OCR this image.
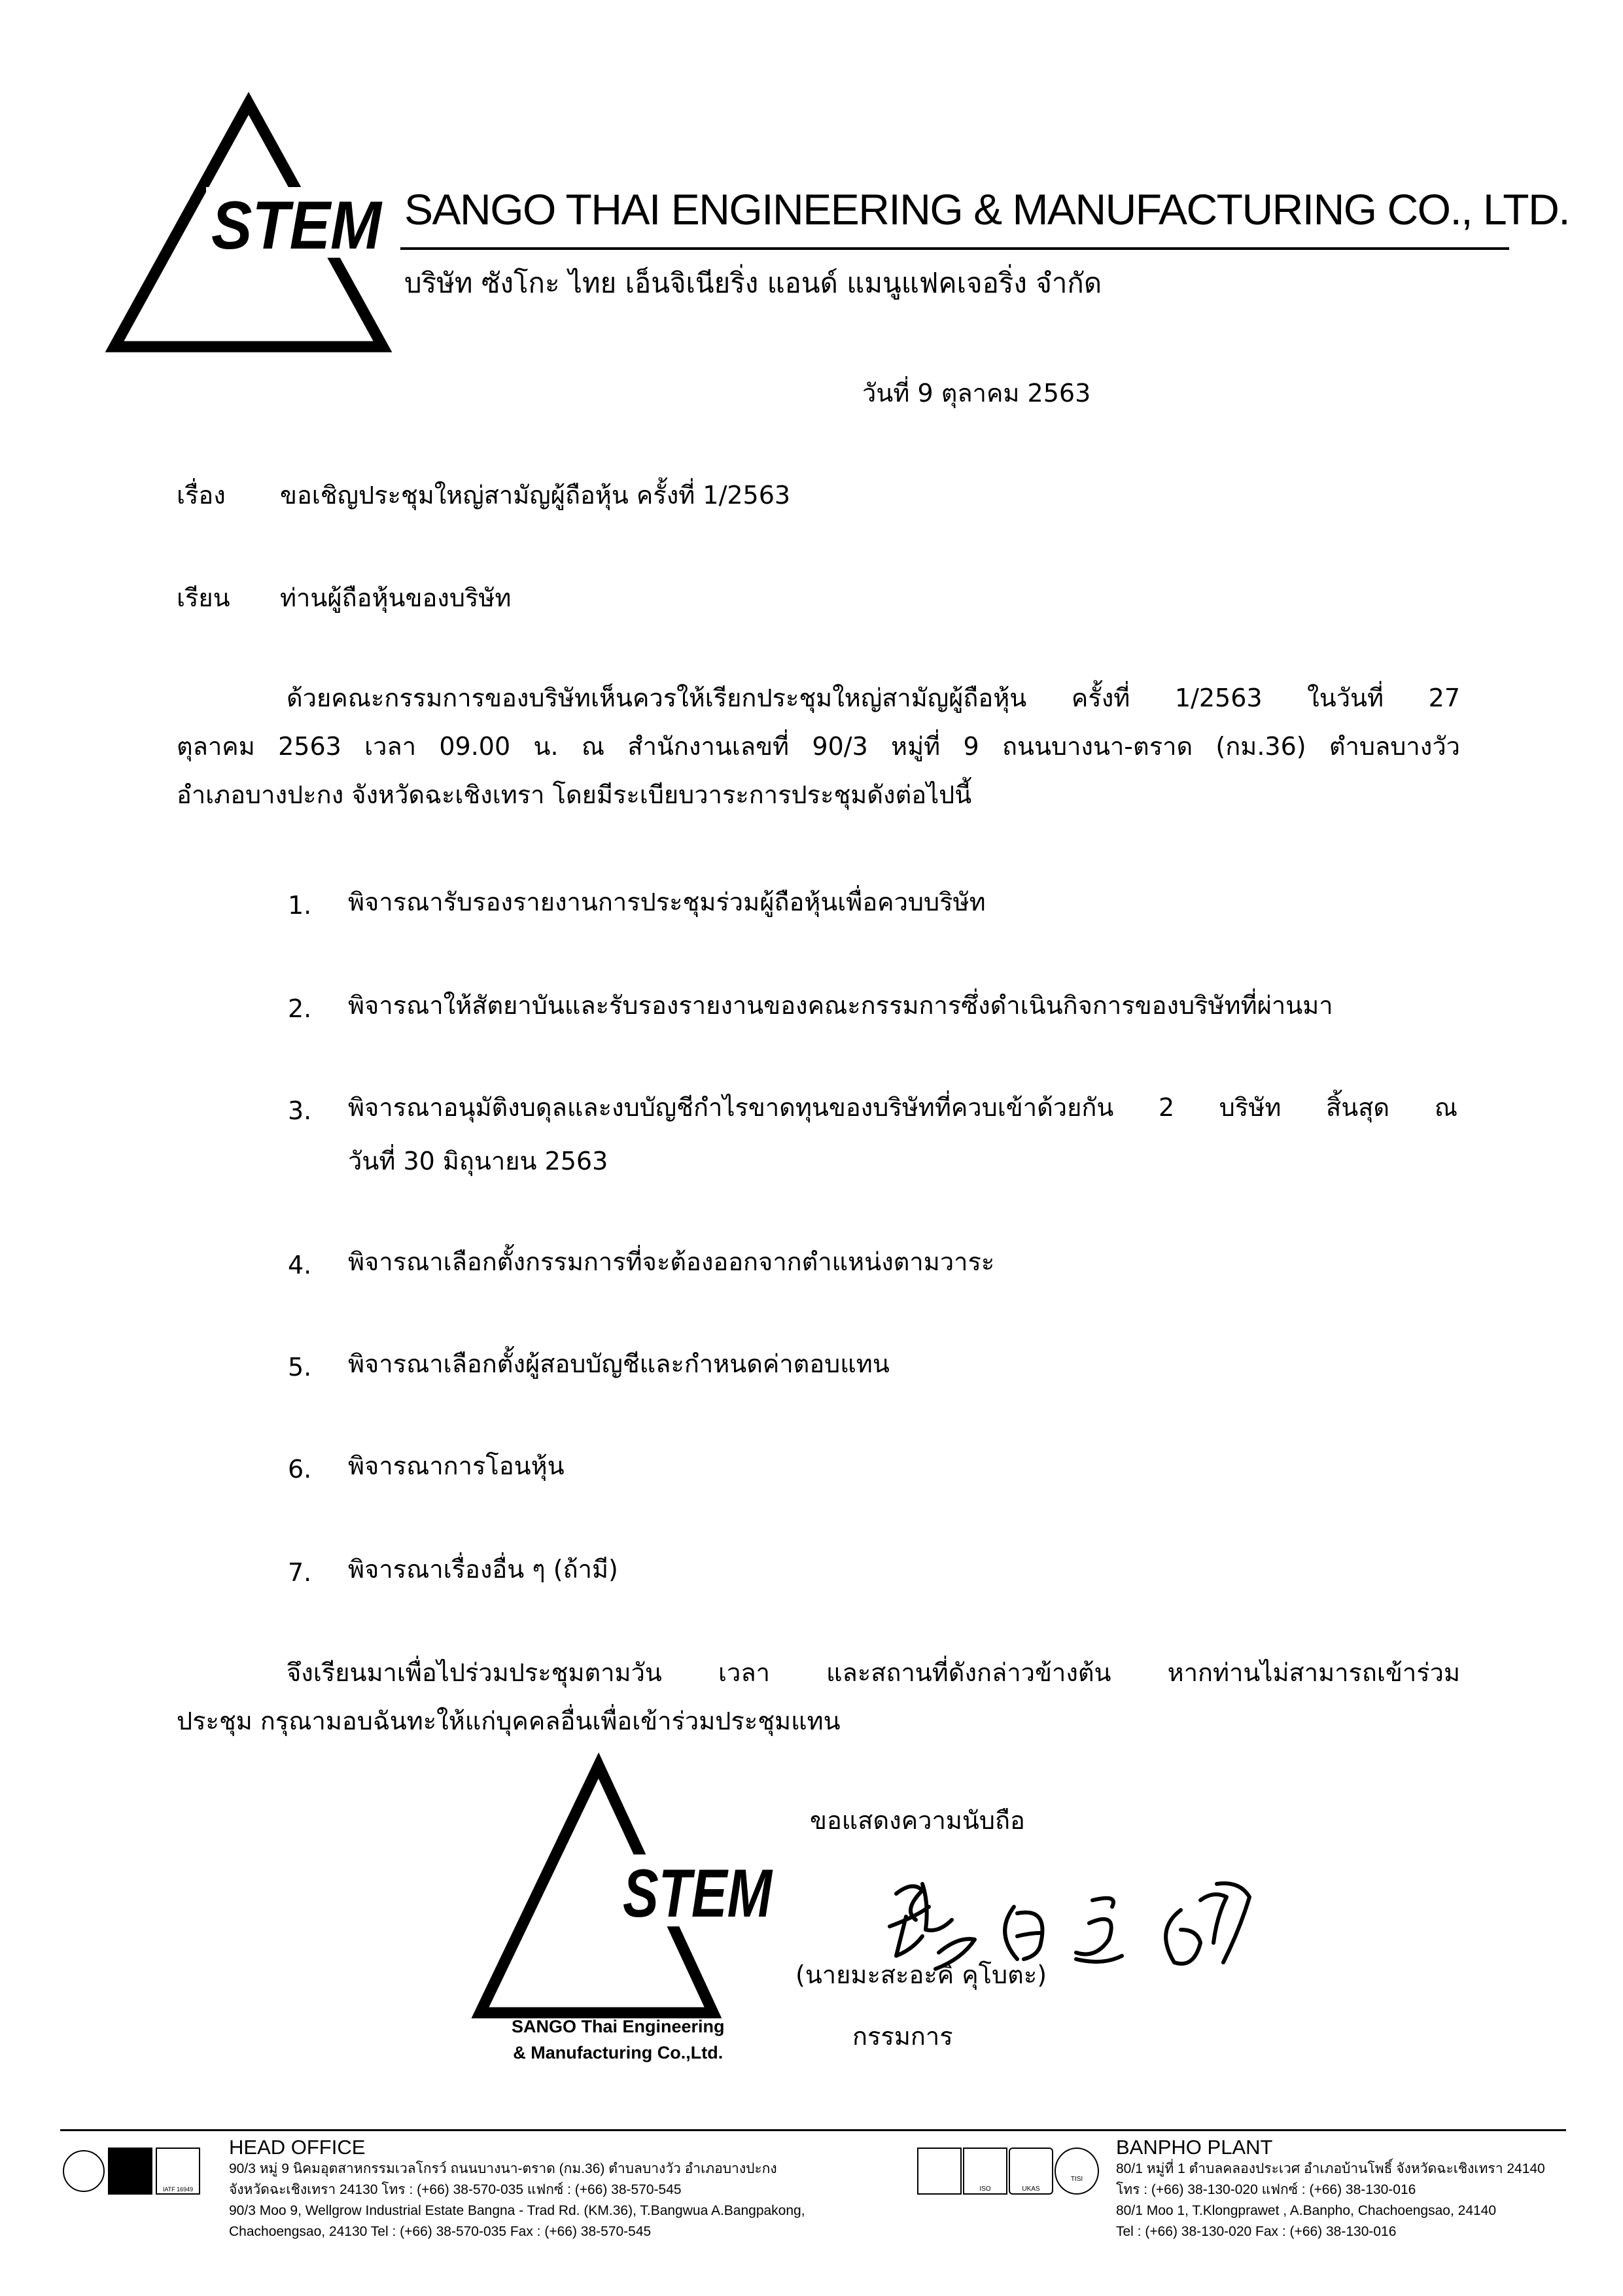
STEM SANGO THAI ENGINEERING & MANUFACTURING CO., LTD.
บริษัท ซังโกะ ไทย เอ็นจิเนียริ่ง แอนด์ แมนูแฟคเจอริ่ง จำกัด
วันที่ 9 ตุลาคม 2563
เรื่อง ขอเชิญประชุมใหญ่สามัญผู้ถือหุ้น ครั้งที่ 1/2563
เรียน ท่านผู้ถือหุ้นของบริษัท
ด้วยคณะกรรมการของบริษัทเห็นควรให้เรียกประชุมใหญ่สามัญผู้ถือหุ้น ครั้งที่ 1/2563 ในวันที่ 27
ตุลาคม 2563 เวลา 09.00 น. ณ สำนักงานเลขที่ 90/3 หมู่ที่ 9 ถนนบางนา-ตราด (กม.36) ตำบลบางวัว
อำเภอบางปะกง จังหวัดฉะเชิงเทรา โดยมีระเบียบวาระการประชุมดังต่อไปนี้
1. พิจารณารับรองรายงานการประชุมร่วมผู้ถือหุ้นเพื่อควบบริษัท
2. พิจารณาให้สัตยาบันและรับรองรายงานของคณะกรรมการซึ่งดำเนินกิจการของบริษัทที่ผ่านมา
3. พิจารณาอนุมัติงบดุลและงบบัญชีกำไรขาดทุนของบริษัทที่ควบเข้าด้วยกัน 2 บริษัท สิ้นสุด ณ
วันที่ 30 มิถุนายน 2563
4. พิจารณาเลือกตั้งกรรมการที่จะต้องออกจากตำแหน่งตามวาระ
5. พิจารณาเลือกตั้งผู้สอบบัญชีและกำหนดค่าตอบแทน
6. พิจารณาการโอนหุ้น
7. พิจารณาเรื่องอื่น ๆ (ถ้ามี)
จึงเรียนมาเพื่อไปร่วมประชุมตามวัน เวลา และสถานที่ดังกล่าวข้างต้น หากท่านไม่สามารถเข้าร่วม
ประชุม กรุณามอบฉันทะให้แก่บุคคลอื่นเพื่อเข้าร่วมประชุมแทน
ขอแสดงความนับถือ
STEM
SANGO Thai Engineering
& Manufacturing Co.,Ltd.
(นายมะสะอะคิ คุโบตะ)
กรรมการ
IATF 16949
HEAD OFFICE
90/3 หมู่ 9 นิคมอุตสาหกรรมเวลโกรว์ ถนนบางนา-ตราด (กม.36) ตำบลบางวัว อำเภอบางปะกง
จังหวัดฉะเชิงเทรา 24130 โทร : (+66) 38-570-035 แฟกซ์ : (+66) 38-570-545
90/3 Moo 9, Wellgrow Industrial Estate Bangna - Trad Rd. (KM.36), T.Bangwua A.Bangpakong,
Chachoengsao, 24130 Tel : (+66) 38-570-035 Fax : (+66) 38-570-545
ISO	UKAS
TISI
BANPHO PLANT
80/1 หมู่ที่ 1 ตำบลคลองประเวศ อำเภอบ้านโพธิ์ จังหวัดฉะเชิงเทรา 24140
โทร : (+66) 38-130-020 แฟกซ์ : (+66) 38-130-016
80/1 Moo 1, T.Klongprawet , A.Banpho, Chachoengsao, 24140
Tel : (+66) 38-130-020 Fax : (+66) 38-130-016
